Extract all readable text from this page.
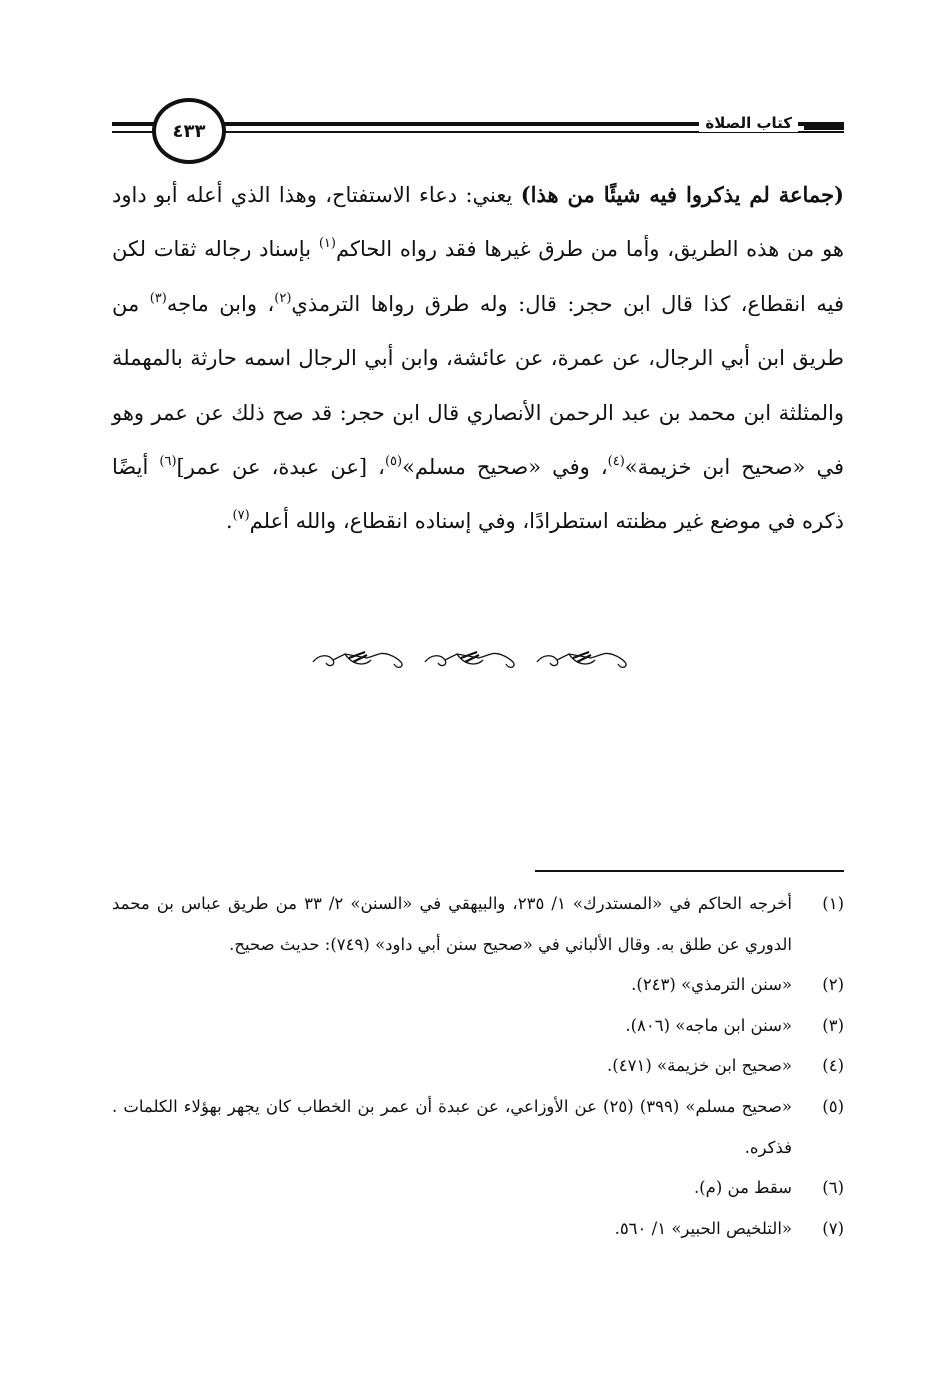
كتاب الصلاة
٤٣٣
(جماعة لم يذكروا فيه شيئًا من هذا) يعني: دعاء الاستفتاح، وهذا الذي أعله أبو داود هو من هذه الطريق، وأما من طرق غيرها فقد رواه الحاكم$^{(١)}$ بإسناد رجاله ثقات لكن فيه انقطاع، كذا قال ابن حجر: قال: وله طرق رواها الترمذي$^{(٢)}$، وابن ماجه$^{(٣)}$ من طريق ابن أبي الرجال، عن عمرة، عن عائشة، وابن أبي الرجال اسمه حارثة بالمهملة والمثلثة ابن محمد بن عبد الرحمن الأنصاري قال ابن حجر: قد صح ذلك عن عمر وهو في «صحيح ابن خزيمة»$^{(٤)}$، وفي «صحيح مسلم»$^{(٥)}$، [عن عبدة، عن عمر]$^{(٦)}$ أيضًا ذكره في موضع غير مظنته استطرادًا، وفي إسناده انقطاع، والله أعلم$^{(٧)}$.
(١)
أخرجه الحاكم في «المستدرك» ١/ ٢٣٥، والبيهقي في «السنن» ٢/ ٣٣ من طريق عباس بن محمد الدوري عن طلق به. وقال الألباني في «صحيح سنن أبي داود» (٧٤٩): حديث صحيح.
(٢)
«سنن الترمذي» (٢٤٣).
(٣)
«سنن ابن ماجه» (٨٠٦).
(٤)
«صحيح ابن خزيمة» (٤٧١).
(٥)
«صحيح مسلم» (٣٩٩) (٢٥) عن الأوزاعي، عن عبدة أن عمر بن الخطاب كان يجهر بهؤلاء الكلمات . فذكره.
(٦)
سقط من (م).
(٧)
«التلخيص الحبير» ١/ ٥٦٠.
